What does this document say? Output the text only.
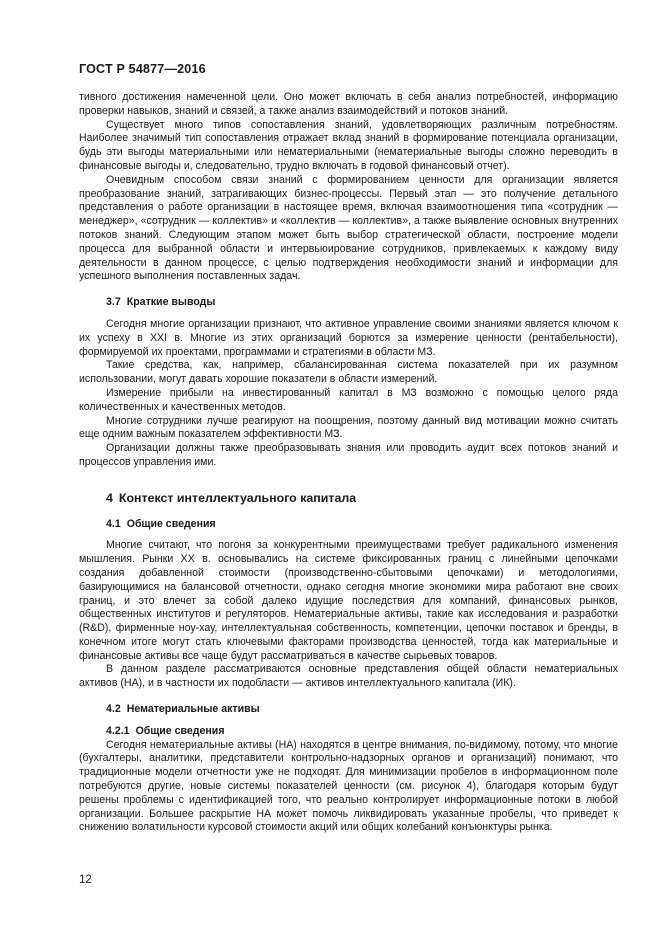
ГОСТ Р 54877—2016

тивного достижения намеченной цели. Оно может включать в себя анализ потребностей, информацию проверки навыков, знаний и связей, а также анализ взаимодействий и потоков знаний.

Существует много типов сопоставления знаний, удовлетворяющих различным потребностям. Наиболее значимый тип сопоставления отражает вклад знаний в формирование потенциала организации, будь эти выгоды материальными или нематериальными (нематериальные выгоды сложно переводить в финансовые выгоды и, следовательно, трудно включать в годовой финансовый отчет).

Очевидным способом связи знаний с формированием ценности для организации является преобразование знаний, затрагивающих бизнес-процессы. Первый этап — это получение детального представления о работе организации в настоящее время, включая взаимоотношения типа «сотрудник — менеджер», «сотрудник — коллектив» и «коллектив — коллектив», а также выявление основных внутренних потоков знаний. Следующим этапом может быть выбор стратегической области, построение модели процесса для выбранной области и интервьюирование сотрудников, привлекаемых к каждому виду деятельности в данном процессе, с целью подтверждения необходимости знаний и информации для успешного выполнения поставленных задач.

3.7 Краткие выводы

Сегодня многие организации признают, что активное управление своими знаниями является ключом к их успеху в XXI в. Многие из этих организаций борются за измерение ценности (рентабельности), формируемой их проектами, программами и стратегиями в области МЗ.

Такие средства, как, например, сбалансированная система показателей при их разумном использовании, могут давать хорошие показатели в области измерений.

Измерение прибыли на инвестированный капитал в МЗ возможно с помощью целого ряда количественных и качественных методов.

Многие сотрудники лучше реагируют на поощрения, поэтому данный вид мотивации можно считать еще одним важным показателем эффективности МЗ.

Организации должны также преобразовывать знания или проводить аудит всех потоков знаний и процессов управления ими.

4 Контекст интеллектуального капитала

4.1 Общие сведения

Многие считают, что погоня за конкурентными преимуществами требует радикального изменения мышления. Рынки XX в. основывались на системе фиксированных границ с линейными цепочками создания добавленной стоимости (производственно-сбытовыми цепочками) и методологиями, базирующимися на балансовой отчетности, однако сегодня многие экономики мира работают вне своих границ, и это влечет за собой далеко идущие последствия для компаний, финансовых рынков, общественных институтов и регуляторов. Нематериальные активы, такие как исследования и разработки (R&D), фирменные ноу-хау, интеллектуальная собственность, компетенции, цепочки поставок и бренды, в конечном итоге могут стать ключевыми факторами производства ценностей, тогда как материальные и финансовые активы все чаще будут рассматриваться в качестве сырьевых товаров.

В данном разделе рассматриваются основные представления общей области нематериальных активов (НА), и в частности их подобласти — активов интеллектуального капитала (ИК).

4.2 Нематериальные активы

4.2.1 Общие сведения

Сегодня нематериальные активы (НА) находятся в центре внимания, по-видимому, потому, что многие (бухгалтеры, аналитики, представители контрольно-надзорных органов и организаций) понимают, что традиционные модели отчетности уже не подходят. Для минимизации пробелов в информационном поле потребуются другие, новые системы показателей ценности (см. рисунок 4), благодаря которым будут решены проблемы с идентификацией того, что реально контролирует информационные потоки в любой организации. Большее раскрытие НА может помочь ликвидировать указанные пробелы, что приведет к снижению волатильности курсовой стоимости акций или общих колебаний конъюнктуры рынка.

12
